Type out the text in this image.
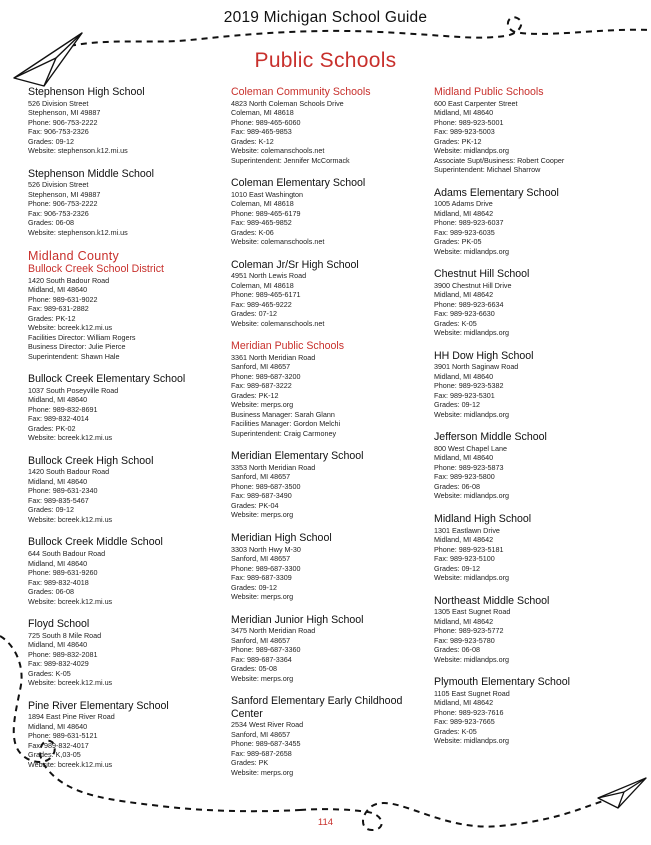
2019 Michigan School Guide
Public Schools
Stephenson High School
526 Division Street
Stephenson, MI 49887
Phone: 906-753-2222
Fax: 906-753-2326
Grades: 09-12
Website: stephenson.k12.mi.us
Stephenson Middle School
526 Division Street
Stephenson, MI 49887
Phone: 906-753-2222
Fax: 906-753-2326
Grades: 06-08
Website: stephenson.k12.mi.us
Midland County
Bullock Creek School District
1420 South Badour Road
Midland, MI 48640
Phone: 989-631-9022
Fax: 989-631-2882
Grades: PK-12
Website: bcreek.k12.mi.us
Facilities Director: William Rogers
Business Director: Julie Pierce
Superintendent: Shawn Hale
Bullock Creek Elementary School
1037 South Poseyville Road
Midland, MI 48640
Phone: 989-832-8691
Fax: 989-832-4014
Grades: PK-02
Website: bcreek.k12.mi.us
Bullock Creek High School
1420 South Badour Road
Midland, MI 48640
Phone: 989-631-2340
Fax: 989-835-5467
Grades: 09-12
Website: bcreek.k12.mi.us
Bullock Creek Middle School
644 South Badour Road
Midland, MI 48640
Phone: 989-631-9260
Fax: 989-832-4018
Grades: 06-08
Website: bcreek.k12.mi.us
Floyd School
725 South 8 Mile Road
Midland, MI 48640
Phone: 989-832-2081
Fax: 989-832-4029
Grades: K-05
Website: bcreek.k12.mi.us
Pine River Elementary School
1894 East Pine River Road
Midland, MI 48640
Phone: 989-631-5121
Fax: 989-832-4017
Grades: K,03-05
Website: bcreek.k12.mi.us
Coleman Community Schools
4823 North Coleman Schools Drive
Coleman, MI 48618
Phone: 989-465-6060
Fax: 989-465-9853
Grades: K-12
Website: colemanschools.net
Superintendent: Jennifer McCormack
Coleman Elementary School
1010 East Washington
Coleman, MI 48618
Phone: 989-465-6179
Fax: 989-465-9852
Grades: K-06
Website: colemanschools.net
Coleman Jr/Sr High School
4951 North Lewis Road
Coleman, MI 48618
Phone: 989-465-6171
Fax: 989-465-9222
Grades: 07-12
Website: colemanschools.net
Meridian Public Schools
3361 North Meridian Road
Sanford, MI 48657
Phone: 989-687-3200
Fax: 989-687-3222
Grades: PK-12
Website: merps.org
Business Manager: Sarah Glann
Facilities Manager: Gordon Melchi
Superintendent: Craig Carmoney
Meridian Elementary School
3353 North Meridian Road
Sanford, MI 48657
Phone: 989-687-3500
Fax: 989-687-3490
Grades: PK-04
Website: merps.org
Meridian High School
3303 North Hwy M-30
Sanford, MI 48657
Phone: 989-687-3300
Fax: 989-687-3309
Grades: 09-12
Website: merps.org
Meridian Junior High School
3475 North Meridian Road
Sanford, MI 48657
Phone: 989-687-3360
Fax: 989-687-3364
Grades: 05-08
Website: merps.org
Sanford Elementary Early Childhood Center
2534 West River Road
Sanford, MI 48657
Phone: 989-687-3455
Fax: 989-687-2658
Grades: PK
Website: merps.org
Midland Public Schools
600 East Carpenter Street
Midland, MI 48640
Phone: 989-923-5001
Fax: 989-923-5003
Grades: PK-12
Website: midlandps.org
Associate Supt/Business: Robert Cooper
Superintendent: Michael Sharrow
Adams Elementary School
1005 Adams Drive
Midland, MI 48642
Phone: 989-923-6037
Fax: 989-923-6035
Grades: PK-05
Website: midlandps.org
Chestnut Hill School
3900 Chestnut Hill Drive
Midland, MI 48642
Phone: 989-923-6634
Fax: 989-923-6630
Grades: K-05
Website: midlandps.org
HH Dow High School
3901 North Saginaw Road
Midland, MI 48640
Phone: 989-923-5382
Fax: 989-923-5301
Grades: 09-12
Website: midlandps.org
Jefferson Middle School
800 West Chapel Lane
Midland, MI 48640
Phone: 989-923-5873
Fax: 989-923-5800
Grades: 06-08
Website: midlandps.org
Midland High School
1301 Eastlawn Drive
Midland, MI 48642
Phone: 989-923-5181
Fax: 989-923-5100
Grades: 09-12
Website: midlandps.org
Northeast Middle School
1305 East Sugnet Road
Midland, MI 48642
Phone: 989-923-5772
Fax: 989-923-5780
Grades: 06-08
Website: midlandps.org
Plymouth Elementary School
1105 East Sugnet Road
Midland, MI 48642
Phone: 989-923-7616
Fax: 989-923-7665
Grades: K-05
Website: midlandps.org
114
